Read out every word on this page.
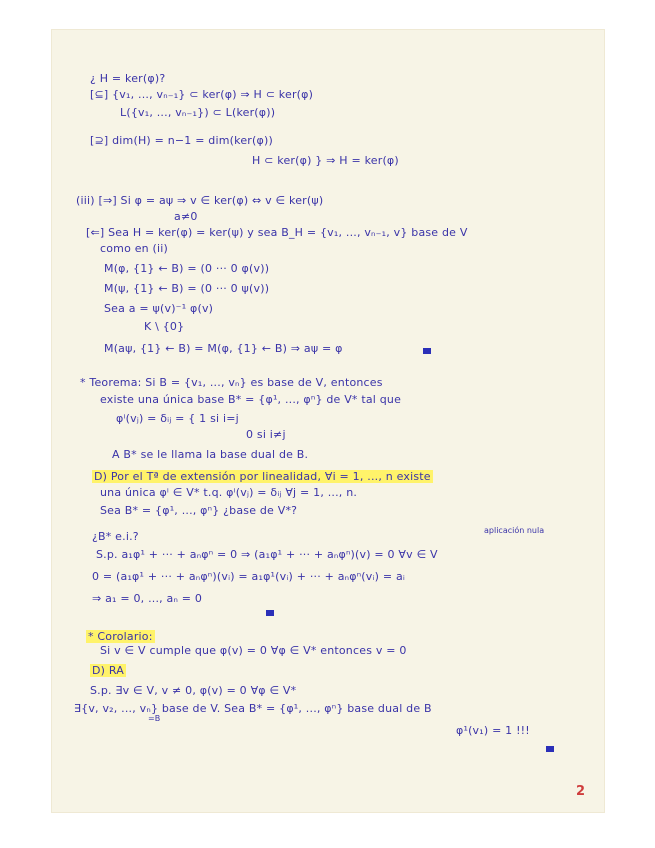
¿ H = ker(φ)?
[⊆] {v₁, ..., vₙ₋₁} ⊂ ker(φ) ⇒ H ⊂ ker(φ)
L({v₁, ..., vₙ₋₁}) ⊂ L(ker(φ))
[⊇] dim(H) = n−1 = dim(ker(φ))
H ⊂ ker(φ) } ⇒ H = ker(φ)
(iii) [⇒] Si φ = aψ ⇒ v ∈ ker(φ) ⇔ v ∈ ker(ψ)
a≠0
[⇐] Sea H = ker(φ) = ker(ψ) y sea B_H = {v₁, ..., vₙ₋₁, v} base de V
como en (ii)
M(φ, {1} ← B) = (0 ··· 0 φ(v))
M(ψ, {1} ← B) = (0 ··· 0 ψ(v))
Sea a = ψ(v)⁻¹ φ(v)
K \ {0}
M(aψ, {1} ← B) = M(φ, {1} ← B) ⇒ aψ = φ
* Teorema: Si B = {v₁, ..., vₙ} es base de V, entonces
existe una única base B* = {φ¹, ..., φⁿ} de V* tal que
φⁱ(vⱼ) = δᵢⱼ = { 1 si i=j
0 si i≠j
A B* se le llama la base dual de B.
D) Por el Tª de extensión por linealidad, ∀i = 1, ..., n existe
una única φⁱ ∈ V* t.q. φⁱ(vⱼ) = δᵢⱼ ∀j = 1, ..., n.
Sea B* = {φ¹, ..., φⁿ} ¿base de V*?
aplicación nula
¿B* e.i.?
S.p. a₁φ¹ + ··· + aₙφⁿ = 0 ⇒ (a₁φ¹ + ··· + aₙφⁿ)(v) = 0 ∀v ∈ V
0 = (a₁φ¹ + ··· + aₙφⁿ)(vᵢ) = a₁φ¹(vᵢ) + ··· + aₙφⁿ(vᵢ) = aᵢ
⇒ a₁ = 0, ..., aₙ = 0
* Corolario:
Si v ∈ V cumple que φ(v) = 0 ∀φ ∈ V* entonces v = 0
D) RA
S.p. ∃v ∈ V, v ≠ 0, φ(v) = 0 ∀φ ∈ V*
∃{v, v₂, ..., vₙ} base de V. Sea B* = {φ¹, ..., φⁿ} base dual de B
=B
φ¹(v₁) = 1 !!!
2
